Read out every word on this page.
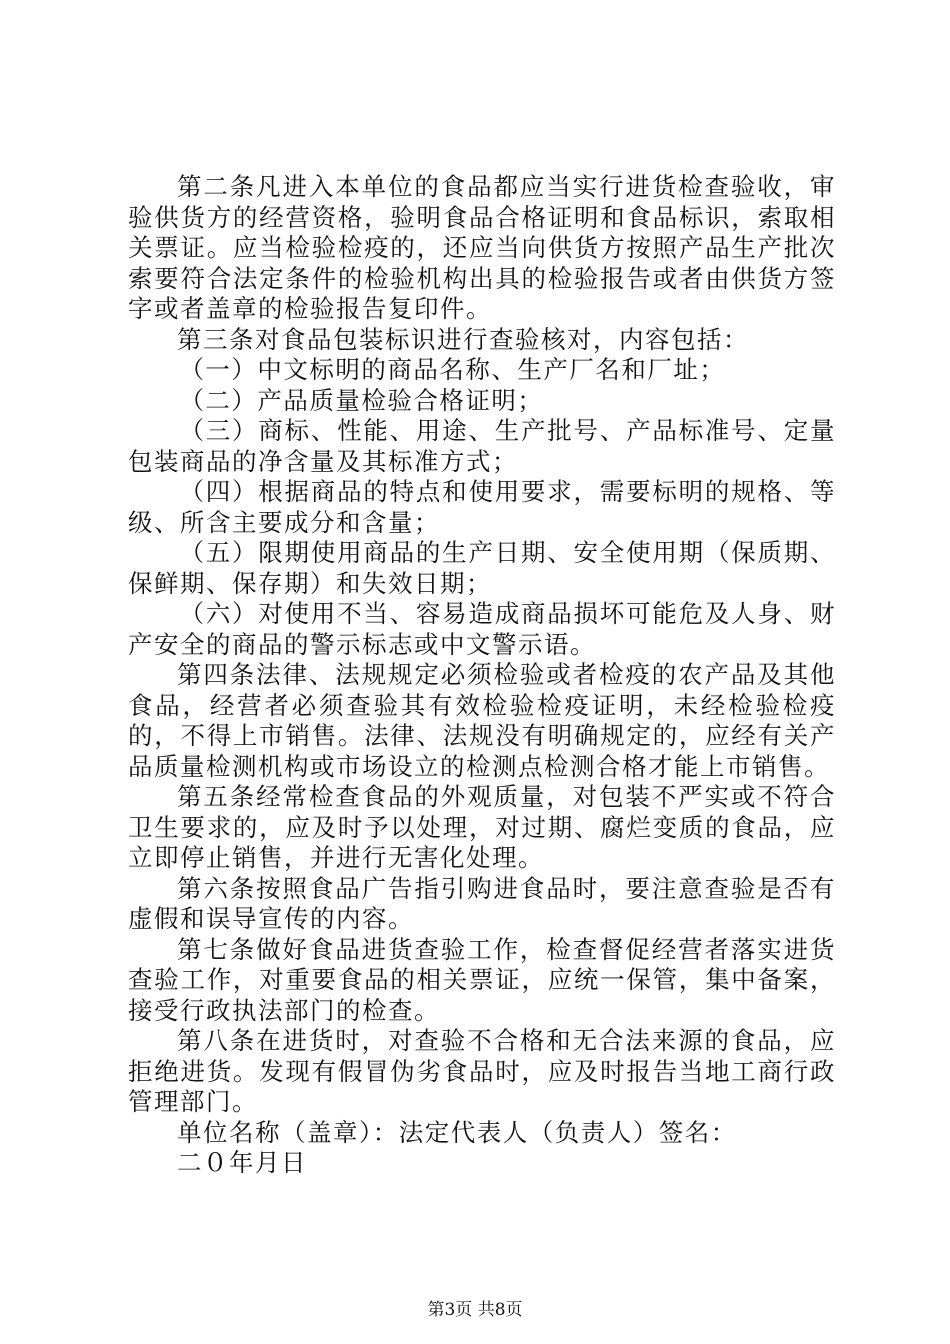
第二条凡进入本单位的食品都应当实行进货检查验收，审验供货方的经营资格，验明食品合格证明和食品标识，索取相关票证。应当检验检疫的，还应当向供货方按照产品生产批次索要符合法定条件的检验机构出具的检验报告或者由供货方签字或者盖章的检验报告复印件。

第三条对食品包装标识进行查验核对，内容包括：

（一）中文标明的商品名称、生产厂名和厂址；

（二）产品质量检验合格证明；

（三）商标、性能、用途、生产批号、产品标准号、定量包装商品的净含量及其标准方式；

（四）根据商品的特点和使用要求，需要标明的规格、等级、所含主要成分和含量；

（五）限期使用商品的生产日期、安全使用期（保质期、保鲜期、保存期）和失效日期；

（六）对使用不当、容易造成商品损坏可能危及人身、财产安全的商品的警示标志或中文警示语。

第四条法律、法规规定必须检验或者检疫的农产品及其他食品，经营者必须查验其有效检验检疫证明，未经检验检疫的，不得上市销售。法律、法规没有明确规定的，应经有关产品质量检测机构或市场设立的检测点检测合格才能上市销售。

第五条经常检查食品的外观质量，对包装不严实或不符合卫生要求的，应及时予以处理，对过期、腐烂变质的食品，应立即停止销售，并进行无害化处理。

第六条按照食品广告指引购进食品时，要注意查验是否有虚假和误导宣传的内容。

第七条做好食品进货查验工作，检查督促经营者落实进货查验工作，对重要食品的相关票证，应统一保管，集中备案，接受行政执法部门的检查。

第八条在进货时，对查验不合格和无合法来源的食品，应拒绝进货。发现有假冒伪劣食品时，应及时报告当地工商行政管理部门。

单位名称（盖章）：法定代表人（负责人）签名：

二０年月日

第3页 共8页
